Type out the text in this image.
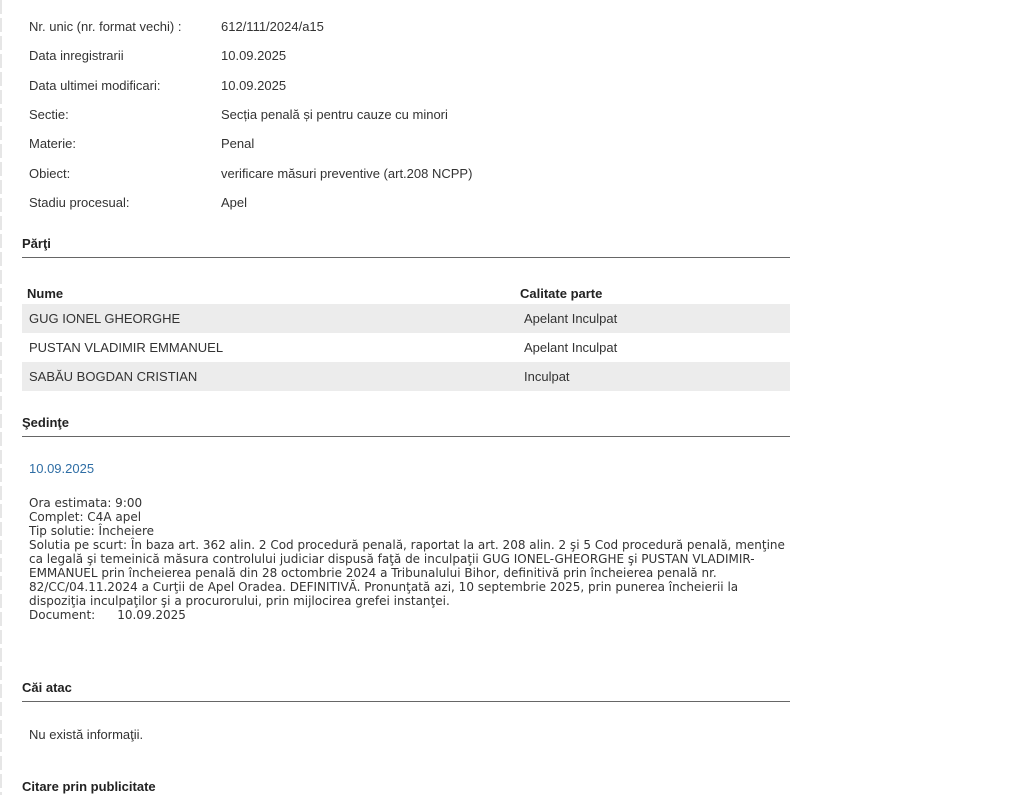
Nr. unic (nr. format vechi) :	612/111/2024/a15
Data inregistrarii	10.09.2025
Data ultimei modificari:	10.09.2025
Sectie:	Secția penală și pentru cauze cu minori
Materie:	Penal
Obiect:	verificare măsuri preventive (art.208 NCPP)
Stadiu procesual:	Apel
Părţi
Nume	Calitate parte
GUG IONEL GHEORGHE	Apelant Inculpat
PUSTAN VLADIMIR EMMANUEL	Apelant Inculpat
SABĂU BOGDAN CRISTIAN	Inculpat
Şedinţe
10.09.2025
Ora estimata: 9:00
Complet: C4A apel
Tip solutie: Încheiere
Solutia pe scurt: În baza art. 362 alin. 2 Cod procedură penală, raportat la art. 208 alin. 2 şi 5 Cod procedură penală, menţine
ca legală şi temeinică măsura controlului judiciar dispusă faţă de inculpaţii GUG IONEL-GHEORGHE şi PUSTAN VLADIMIR-
EMMANUEL prin încheierea penală din 28 octombrie 2024 a Tribunalului Bihor, definitivă prin încheierea penală nr.
82/CC/04.11.2024 a Curţii de Apel Oradea. DEFINITIVĂ. Pronunţată azi, 10 septembrie 2025, prin punerea încheierii la
dispoziţia inculpaţilor şi a procurorului, prin mijlocirea grefei instanţei.
Document: 10.09.2025
Căi atac
Nu există informaţii.
Citare prin publicitate
